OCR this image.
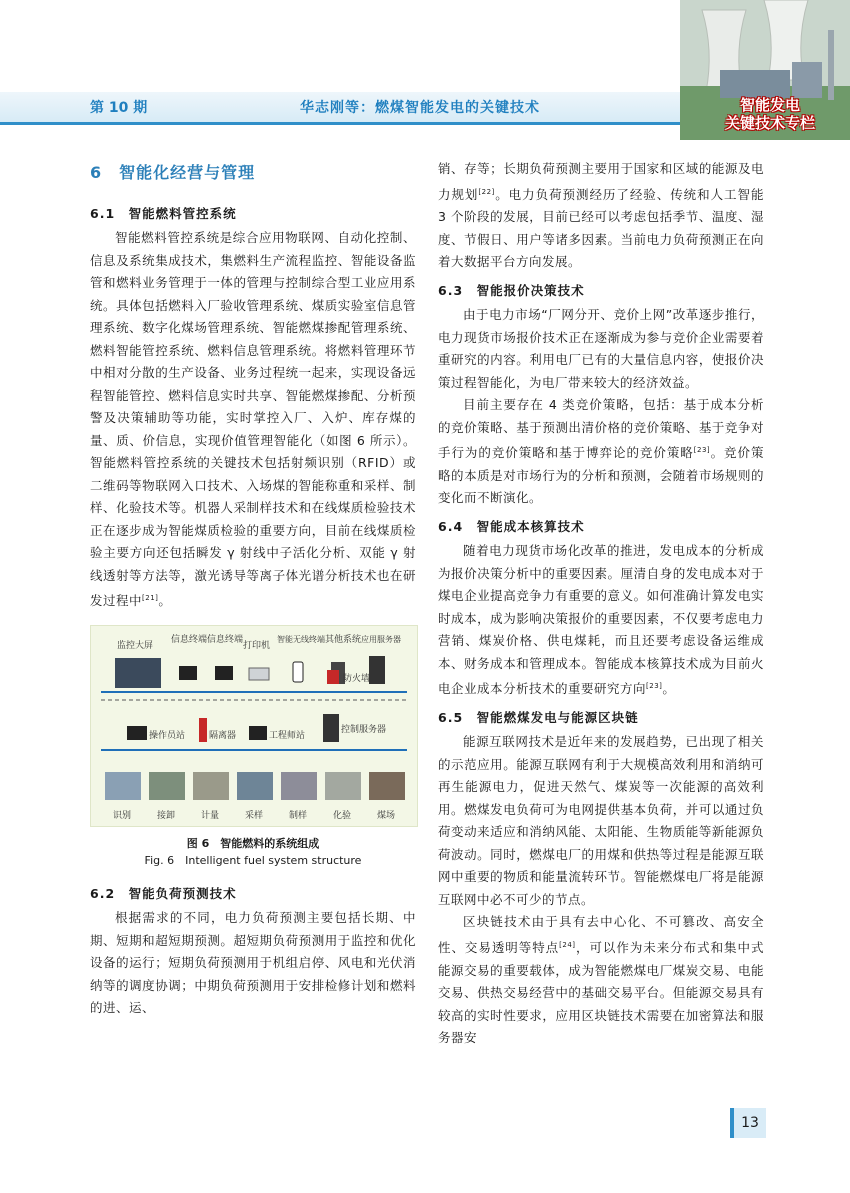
第 10 期	华志刚等：燃煤智能发电的关键技术	智能发电
关键技术专栏
6　 智能化经营与管理
6.1　智能燃料管控系统

智能燃料管控系统是综合应用物联网、自动化控制、信息及系统集成技术，集燃料生产流程监控、智能设备监管和燃料业务管理于一体的管理与控制综合型工业应用系统。具体包括燃料入厂验收管理系统、煤质实验室信息管理系统、数字化煤场管理系统、智能燃煤掺配管理系统、燃料智能管控系统、燃料信息管理系统。将燃料管理环节中相对分散的生产设备、业务过程统一起来，实现设备远程智能管控、燃料信息实时共享、智能燃煤掺配、分析预警及决策辅助等功能，实时掌控入厂、入炉、库存煤的量、质、价信息，实现价值管理智能化（如图 6 所示）。智能燃料管控系统的关键技术包括射频识别（RFID）或二维码等物联网入口技术、入场煤的智能称重和采样、制样、化验技术等。机器人采制样技术和在线煤质检验技术正在逐步成为智能煤质检验的重要方向，目前在线煤质检验主要方向还包括瞬发 γ 射线中子活化分析、双能 γ 射线透射等方法等，激光诱导等离子体光谱分析技术也在研发过程中[21]。

监控大屏
信息终端 信息终端
打印机
智能无线终端 其他系统 应用服务器
防火墙
操作员站	隔离器	工程师站
控制服务器
识别	接卸	计量	采样	制样	化验	煤场
图 6　智能燃料的系统组成
Fig. 6　Intelligent fuel system structure
6.2　智能负荷预测技术

根据需求的不同，电力负荷预测主要包括长期、中期、短期和超短期预测。超短期负荷预测用于监控和优化设备的运行；短期负荷预测用于机组启停、风电和光伏消纳等的调度协调；中期负荷预测用于安排检修计划和燃料的进、运、

销、存等；长期负荷预测主要用于国家和区域的能源及电力规划[22]。电力负荷预测经历了经验、传统和人工智能 3 个阶段的发展，目前已经可以考虑包括季节、温度、湿度、节假日、用户等诸多因素。当前电力负荷预测正在向着大数据平台方向发展。

6.3　智能报价决策技术

由于电力市场“厂网分开、竞价上网”改革逐步推行，电力现货市场报价技术正在逐渐成为参与竞价企业需要着重研究的内容。利用电厂已有的大量信息内容，使报价决策过程智能化，为电厂带来较大的经济效益。

目前主要存在 4 类竞价策略，包括：基于成本分析的竞价策略、基于预测出清价格的竞价策略、基于竞争对手行为的竞价策略和基于博弈论的竞价策略[23]。竞价策略的本质是对市场行为的分析和预测，会随着市场规则的变化而不断演化。

6.4　智能成本核算技术

随着电力现货市场化改革的推进，发电成本的分析成为报价决策分析中的重要因素。厘清自身的发电成本对于煤电企业提高竞争力有重要的意义。如何准确计算发电实时成本，成为影响决策报价的重要因素，不仅要考虑电力营销、煤炭价格、供电煤耗，而且还要考虑设备运维成本、财务成本和管理成本。智能成本核算技术成为目前火电企业成本分析技术的重要研究方向[23]。

6.5　智能燃煤发电与能源区块链

能源互联网技术是近年来的发展趋势，已出现了相关的示范应用。能源互联网有利于大规模高效利用和消纳可再生能源电力，促进天然气、煤炭等一次能源的高效利用。燃煤发电负荷可为电网提供基本负荷，并可以通过负荷变动来适应和消纳风能、太阳能、生物质能等新能源负荷波动。同时，燃煤电厂的用煤和供热等过程是能源互联网中重要的物质和能量流转环节。智能燃煤电厂将是能源互联网中必不可少的节点。

区块链技术由于具有去中心化、不可篡改、高安全性、交易透明等特点[24]，可以作为未来分布式和集中式能源交易的重要载体，成为智能燃煤电厂煤炭交易、电能交易、供热交易经营中的基础交易平台。但能源交易具有较高的实时性要求，应用区块链技术需要在加密算法和服务器安

13
